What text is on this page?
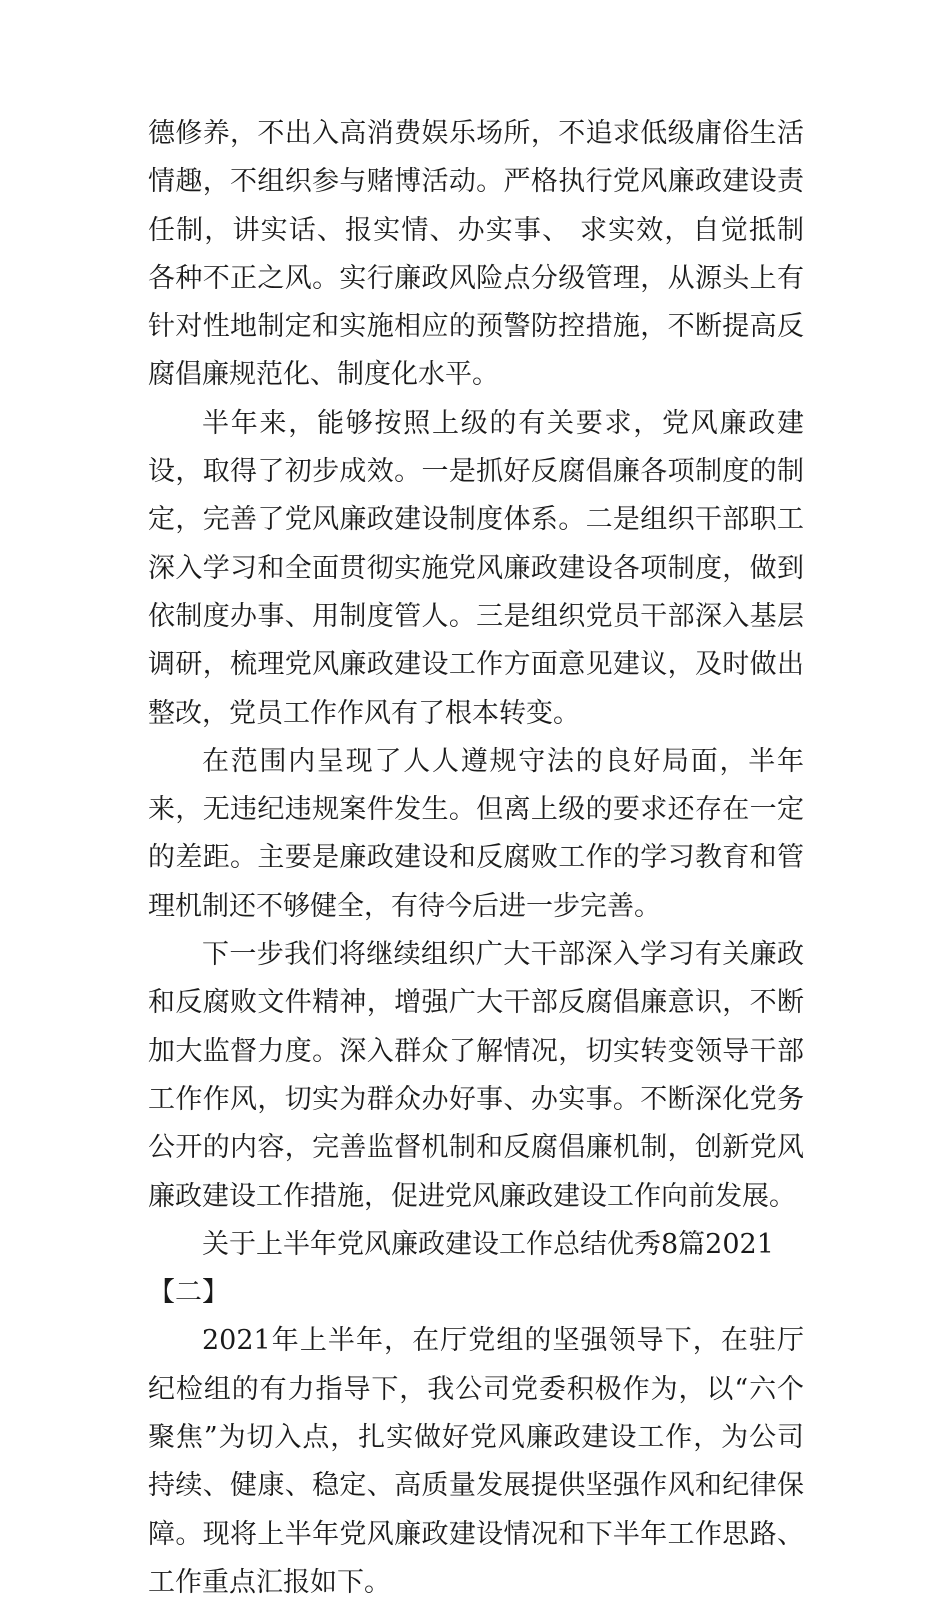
德修养，不出入高消费娱乐场所，不追求低级庸俗生活情趣，不组织参与赌博活动。严格执行党风廉政建设责任制，讲实话、报实情、办实事、 求实效，自觉抵制各种不正之风。实行廉政风险点分级管理，从源头上有针对性地制定和实施相应的预警防控措施，不断提高反腐倡廉规范化、制度化水平。

半年来，能够按照上级的有关要求，党风廉政建设，取得了初步成效。一是抓好反腐倡廉各项制度的制定，完善了党风廉政建设制度体系。二是组织干部职工深入学习和全面贯彻实施党风廉政建设各项制度，做到依制度办事、用制度管人。三是组织党员干部深入基层调研，梳理党风廉政建设工作方面意见建议，及时做出整改，党员工作作风有了根本转变。

在范围内呈现了人人遵规守法的良好局面，半年来，无违纪违规案件发生。但离上级的要求还存在一定的差距。主要是廉政建设和反腐败工作的学习教育和管理机制还不够健全，有待今后进一步完善。

下一步我们将继续组织广大干部深入学习有关廉政和反腐败文件精神，增强广大干部反腐倡廉意识，不断加大监督力度。深入群众了解情况，切实转变领导干部工作作风，切实为群众办好事、办实事。不断深化党务公开的内容，完善监督机制和反腐倡廉机制，创新党风廉政建设工作措施，促进党风廉政建设工作向前发展。

关于上半年党风廉政建设工作总结优秀8篇2021【二】

2021年上半年，在厅党组的坚强领导下，在驻厅纪检组的有力指导下，我公司党委积极作为，以“六个聚焦”为切入点，扎实做好党风廉政建设工作，为公司持续、健康、稳定、高质量发展提供坚强作风和纪律保障。现将上半年党风廉政建设情况和下半年工作思路、工作重点汇报如下。
